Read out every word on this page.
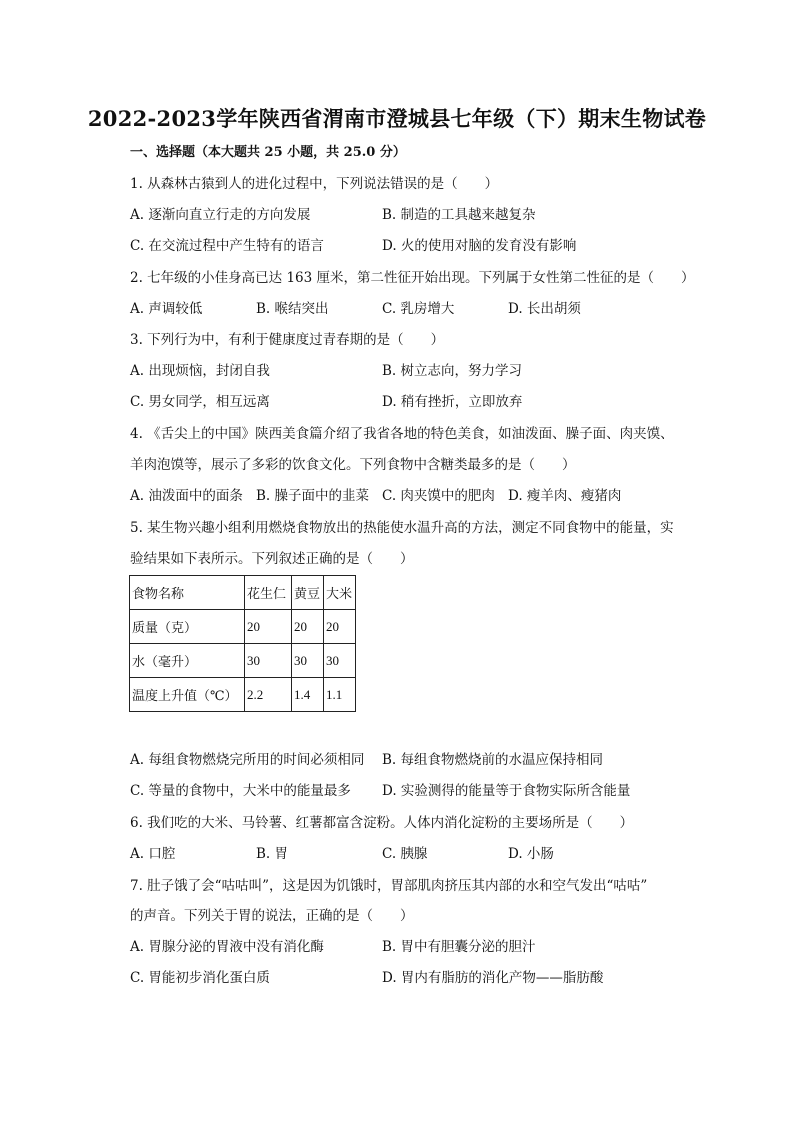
2022-2023学年陕西省渭南市澄城县七年级（下）期末生物试卷
一、选择题（本大题共 25 小题，共 25.0 分）
1. 从森林古猿到人的进化过程中，下列说法错误的是（　　）
A. 逐渐向直立行走的方向发展	B. 制造的工具越来越复杂
C. 在交流过程中产生特有的语言	D. 火的使用对脑的发育没有影响
2. 七年级的小佳身高已达 163 厘米，第二性征开始出现。下列属于女性第二性征的是（　　）
A. 声调较低	B. 喉结突出	C. 乳房增大	D. 长出胡须
3. 下列行为中，有利于健康度过青春期的是（　　）
A. 出现烦恼，封闭自我	B. 树立志向，努力学习
C. 男女同学，相互远离	D. 稍有挫折，立即放弃
4. 《舌尖上的中国》陕西美食篇介绍了我省各地的特色美食，如油泼面、臊子面、肉夹馍、
羊肉泡馍等，展示了多彩的饮食文化。下列食物中含糖类最多的是（　　）
A. 油泼面中的面条 B. 臊子面中的韭菜 C. 肉夹馍中的肥肉 D. 瘦羊肉、瘦猪肉
5. 某生物兴趣小组利用燃烧食物放出的热能使水温升高的方法，测定不同食物中的能量，实
验结果如下表所示。下列叙述正确的是（　　）
食物名称	花生仁	黄豆	大米
质量（克）	20	20	20
水（毫升）	30	30	30
温度上升值（℃）	2.2	1.4	1.1
A. 每组食物燃烧完所用的时间必须相同 B. 每组食物燃烧前的水温应保持相同
C. 等量的食物中，大米中的能量最多 D. 实验测得的能量等于食物实际所含能量
6. 我们吃的大米、马铃薯、红薯都富含淀粉。人体内消化淀粉的主要场所是（　　）
A. 口腔	B. 胃	C. 胰腺	D. 小肠
7. 肚子饿了会“咕咕叫”，这是因为饥饿时，胃部肌肉挤压其内部的水和空气发出“咕咕”
的声音。下列关于胃的说法，正确的是（　　）
A. 胃腺分泌的胃液中没有消化酶	B. 胃中有胆囊分泌的胆汁
C. 胃能初步消化蛋白质	D. 胃内有脂肪的消化产物——脂肪酸
